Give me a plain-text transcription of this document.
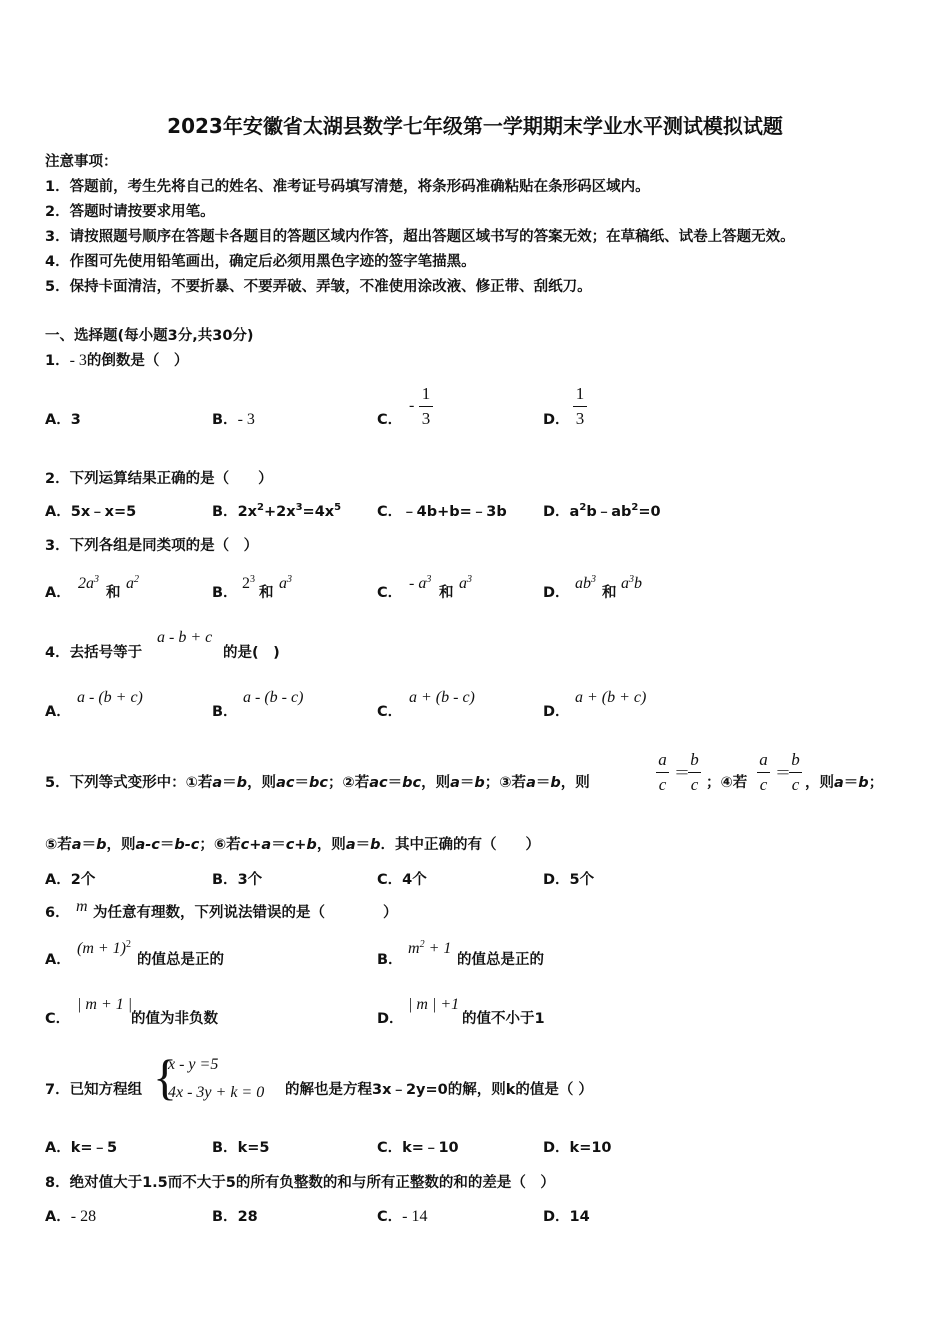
2023年安徽省太湖县数学七年级第一学期期末学业水平测试模拟试题
注意事项：
1．答题前，考生先将自己的姓名、准考证号码填写清楚，将条形码准确粘贴在条形码区域内。
2．答题时请按要求用笔。
3．请按照题号顺序在答题卡各题目的答题区域内作答，超出答题区域书写的答案无效；在草稿纸、试卷上答题无效。
4．作图可先使用铅笔画出，确定后必须用黑色字迹的签字笔描黑。
5．保持卡面清洁，不要折暴、不要弄破、弄皱，不准使用涂改液、修正带、刮纸刀。
一、选择题(每小题3分,共30分)
1．- 3的倒数是（　）
A．3	B．- 3	C．
-
1
3	D．
1
3
2．下列运算结果正确的是（　　）
A．5x﹣x=5	B．$2x^2+2x^3=4x^5$ C．﹣4b+b=﹣3b D．$a^2b﹣ab^2=0$
3．下列各组是同类项的是（　）
A．
$2a^3$
和
$a^2$
B．
$2^3$
和
$a^3$
C．
- $a^3$
和
$a^3$
D．
$ab^3$
和
$a^3b$
4．去括号等于
a - b + c
的是(　)
A．
a - (b + c)
B．
a - (b - c)
C．
a + (b - c)
D．
a + (b + c)
5．下列等式变形中：①若a＝b，则ac＝bc；②若ac＝bc，则a＝b；③若a＝b，则
a
c
＝
b
c ；④若
a
c
＝
b
c ，则a＝b；
⑤若a＝b，则a-c＝b-c；⑥若c+a＝c+b，则a＝b．其中正确的有（　　）
A．2个	B．3个	C．4个	D．5个
6． m 为任意有理数，下列说法错误的是（　　　　）
A．
$(m + 1)^2$
的值总是正的	B．
$m^2 + 1$
的值总是正的
C．
| m + 1 |
的值为非负数	D．
| m | +1
的值不小于1
7．已知方程组 {
x - y =5
4x - 3y + k = 0 的解也是方程3x﹣2y=0的解，则k的值是（ ）
A．k=﹣5	B．k=5	C．k=﹣10	D．k=10
8．绝对值大于1.5而不大于5的所有负整数的和与所有正整数的和的差是（　）
A．- 28	B．28	C．- 14	D．14
